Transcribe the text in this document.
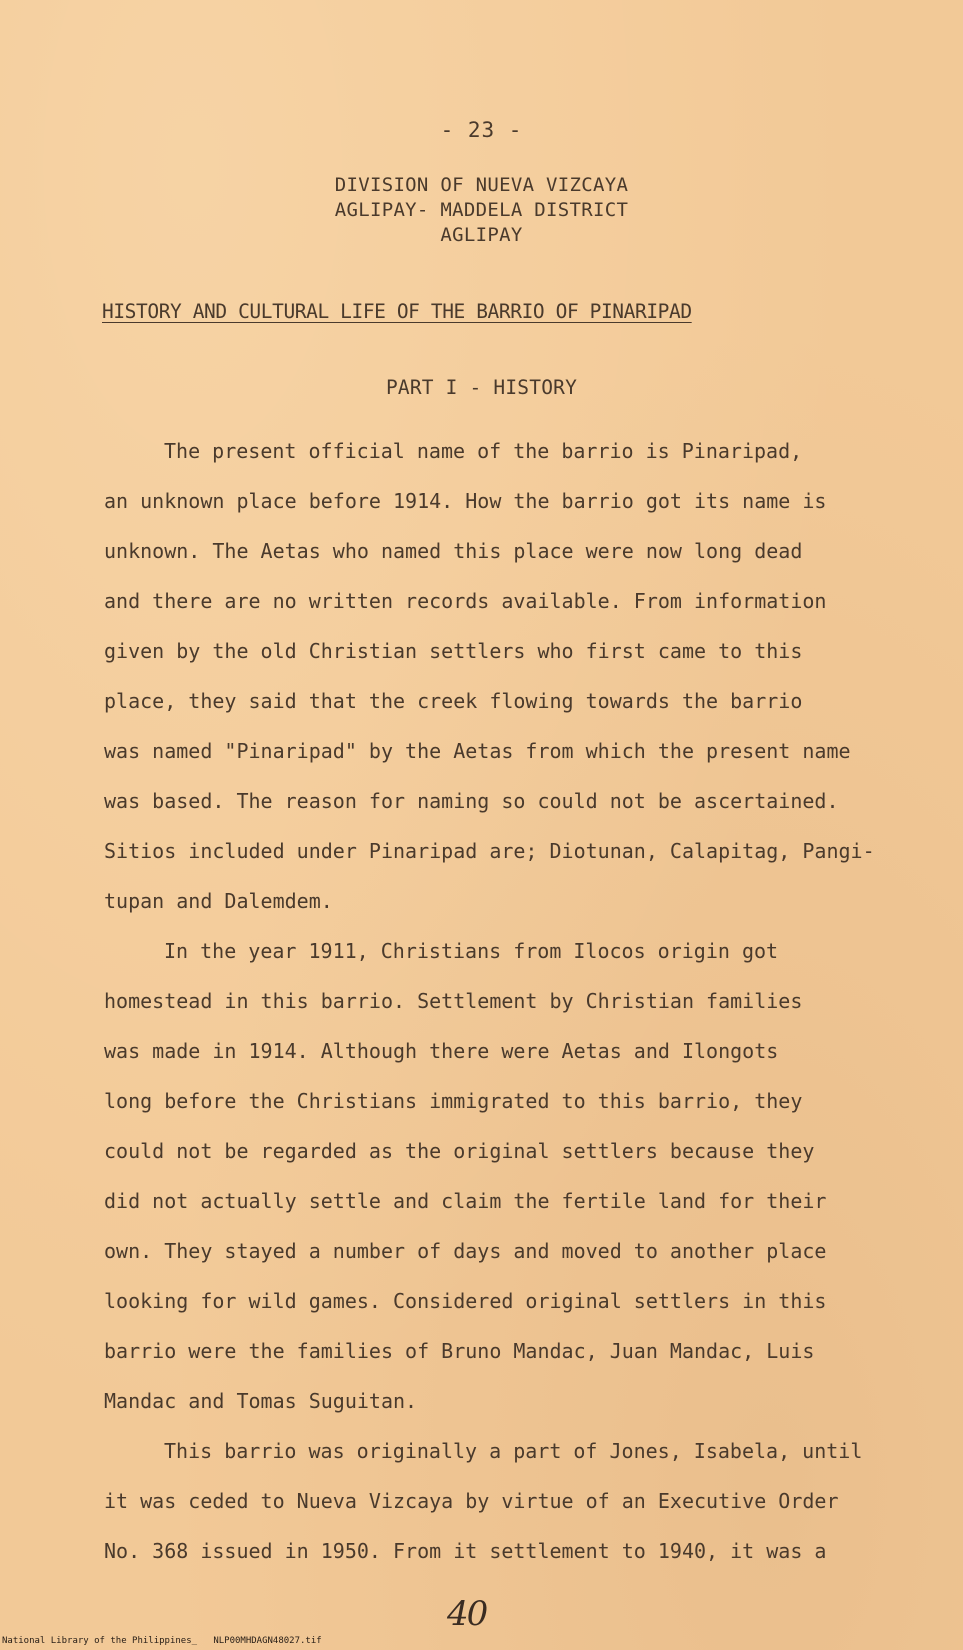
- 23 -
DIVISION OF NUEVA VIZCAYA
AGLIPAY- MADDELA DISTRICT
AGLIPAY
HISTORY AND CULTURAL LIFE OF THE BARRIO OF PINARIPAD
PART I - HISTORY
The present official name of the barrio is Pinaripad,
an unknown place before 1914. How the barrio got its name is
unknown. The Aetas who named this place were now long dead
and there are no written records available. From information
given by the old Christian settlers who first came to this
place, they said that the creek flowing towards the barrio
was named "Pinaripad" by the Aetas from which the present name
was based. The reason for naming so could not be ascertained.
Sitios included under Pinaripad are; Diotunan, Calapitag, Pangi-
tupan and Dalemdem.
In the year 1911, Christians from Ilocos origin got
homestead in this barrio. Settlement by Christian families
was made in 1914. Although there were Aetas and Ilongots
long before the Christians immigrated to this barrio, they
could not be regarded as the original settlers because they
did not actually settle and claim the fertile land for their
own. They stayed a number of days and moved to another place
looking for wild games. Considered original settlers in this
barrio were the families of Bruno Mandac, Juan Mandac, Luis
Mandac and Tomas Suguitan.
This barrio was originally a part of Jones, Isabela, until
it was ceded to Nueva Vizcaya by virtue of an Executive Order
No. 368 issued in 1950. From it settlement to 1940, it was a
40
National Library of the Philippines_   NLP00MHDAGN48027.tif
